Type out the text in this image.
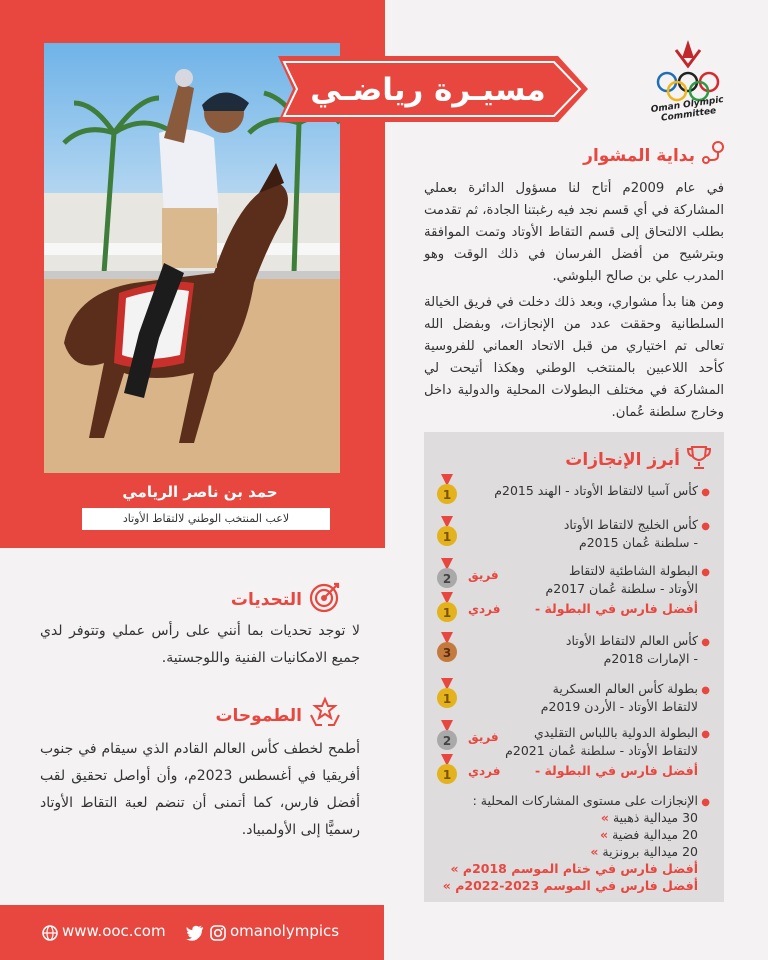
حمد بن ناصر الريامي
لاعب المنتخب الوطني لالتقاط الأوتاد
مسيـرة رياضـي	Oman Olympic Committee
بداية المشوار
في عام 2009م أتاح لنا مسؤول الدائرة بعملي المشاركة في أي قسم نجد فيه رغبتنا الجادة، ثم تقدمت بطلب الالتحاق إلى قسم التقاط الأوتاد وتمت الموافقة وبترشيح من أفضل الفرسان في ذلك الوقت وهو المدرب علي بن صالح البلوشي.
ومن هنا بدأ مشواري، وبعد ذلك دخلت في فريق الخيالة السلطانية وحققت عدد من الإنجازات، وبفضل الله تعالى تم اختياري من قبل الاتحاد العماني للفروسية كأحد اللاعبين بالمنتخب الوطني وهكذا أتيحت لي المشاركة في مختلف البطولات المحلية والدولية داخل وخارج سلطنة عُمان.
أبرز الإنجازات
●
كأس آسيا لالتقاط الأوتاد - الهند 2015م
1
●
كأس الخليج لالتقاط الأوتاد
- سلطنة عُمان 2015م
1
●
البطولة الشاطئية لالتقاط
الأوتاد - سلطنة عُمان 2017م
أفضل فارس في البطولة -
فريق
فردي
2
1
●
كأس العالم لالتقاط الأوتاد
- الإمارات 2018م
3
●
بطولة كأس العالم العسكرية
لالتقاط الأوتاد - الأردن 2019م
1
●
البطولة الدولية باللباس التقليدي
لالتقاط الأوتاد - سلطنة عُمان 2021م
أفضل فارس في البطولة -
فريق
فردي
2
1
●
الإنجازات على مستوى المشاركات المحلية :
30 ميدالية ذهبية »
20 ميدالية فضية »
20 ميدالية برونزية »
أفضل فارس في ختام الموسم 2018م »
أفضل فارس في الموسم 2023-2022م »
التحديات
لا توجد تحديات بما أنني على رأس عملي وتتوفر لدي جميع الامكانيات الفنية واللوجستية.
الطموحات
أطمح لخطف كأس العالم القادم الذي سيقام في جنوب أفريقيا في أغسطس 2023م، وأن أواصل تحقيق لقب أفضل فارس، كما أتمنى أن تنضم لعبة التقاط الأوتاد رسميًّا إلى الأولمبياد.
www.ooc.com	omanolympics
